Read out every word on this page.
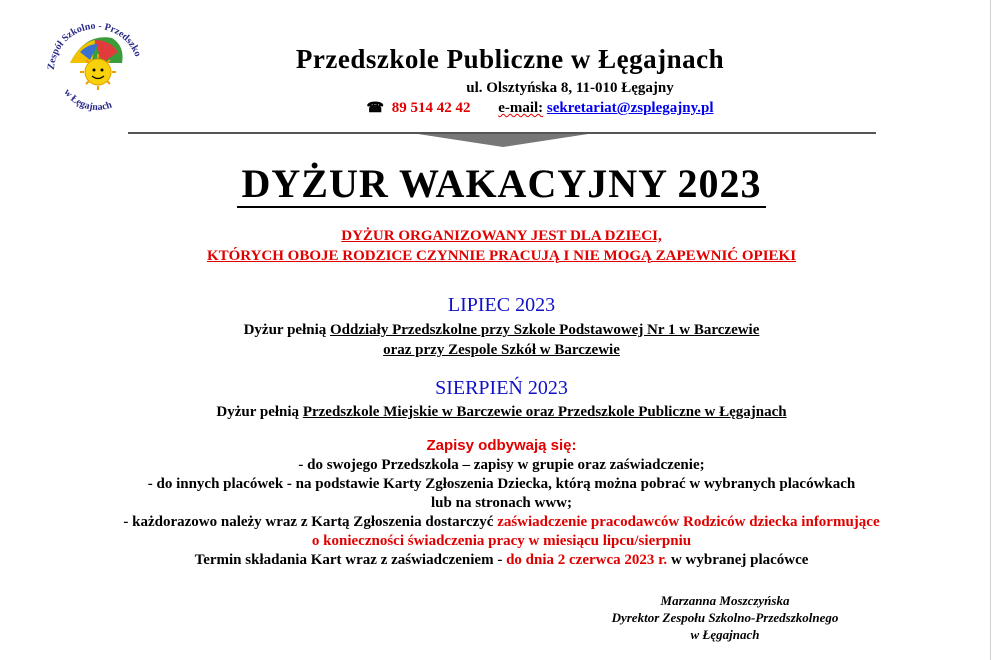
Zespół Szkolno - Przedszko
w Łęgajnach
Przedszkole Publiczne w Łęgajnach
ul. Olsztyńska 8, 11-010 Łęgajny
☎ 89 514 42 42 e-mail: sekretariat@zsplegajny.pl
DYŻUR WAKACYJNY 2023
DYŻUR ORGANIZOWANY JEST DLA DZIECI,
KTÓRYCH OBOJE RODZICE CZYNNIE PRACUJĄ I NIE MOGĄ ZAPEWNIĆ OPIEKI
LIPIEC 2023
Dyżur pełnią Oddziały Przedszkolne przy Szkole Podstawowej Nr 1 w Barczewie
oraz przy Zespole Szkół w Barczewie
SIERPIEŃ 2023
Dyżur pełnią Przedszkole Miejskie w Barczewie oraz Przedszkole Publiczne w Łęgajnach
Zapisy odbywają się:
- do swojego Przedszkola – zapisy w grupie oraz zaświadczenie;
- do innych placówek - na podstawie Karty Zgłoszenia Dziecka, którą można pobrać w wybranych placówkach
lub na stronach www;
- każdorazowo należy wraz z Kartą Zgłoszenia dostarczyć zaświadczenie pracodawców Rodziców dziecka informujące
o konieczności świadczenia pracy w miesiącu lipcu/sierpniu
Termin składania Kart wraz z zaświadczeniem - do dnia 2 czerwca 2023 r. w wybranej placówce
Marzanna Moszczyńska
Dyrektor Zespołu Szkolno-Przedszkolnego
w Łęgajnach
